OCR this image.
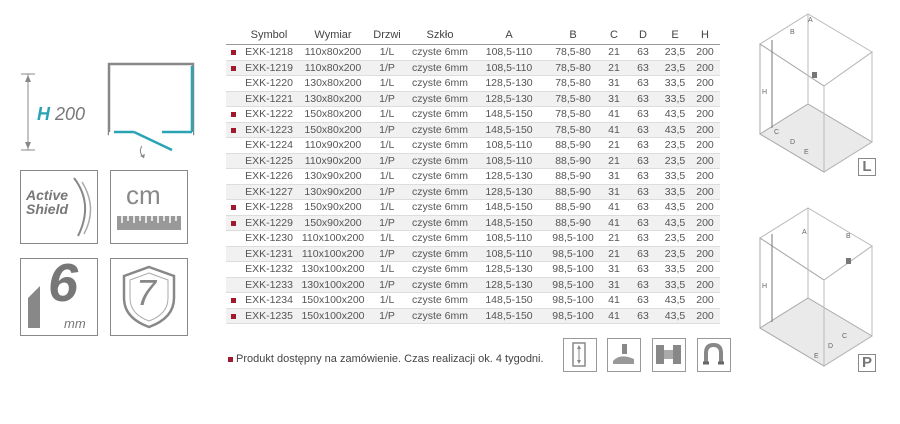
H 200
Active
Shield cm
6
mm
7
	Symbol	Wymiar	Drzwi	Szkło	A	B	C	D	E	H
	EXK-1218	110x80x200	1/L	czyste 6mm	108,5-110	78,5-80	21	63	23,5	200
	EXK-1219	110x80x200	1/P	czyste 6mm	108,5-110	78,5-80	21	63	23,5	200
	EXK-1220	130x80x200	1/L	czyste 6mm	128,5-130	78,5-80	31	63	33,5	200
	EXK-1221	130x80x200	1/P	czyste 6mm	128,5-130	78,5-80	31	63	33,5	200
	EXK-1222	150x80x200	1/L	czyste 6mm	148,5-150	78,5-80	41	63	43,5	200
	EXK-1223	150x80x200	1/P	czyste 6mm	148,5-150	78,5-80	41	63	43,5	200
	EXK-1224	110x90x200	1/L	czyste 6mm	108,5-110	88,5-90	21	63	23,5	200
	EXK-1225	110x90x200	1/P	czyste 6mm	108,5-110	88,5-90	21	63	23,5	200
	EXK-1226	130x90x200	1/L	czyste 6mm	128,5-130	88,5-90	31	63	33,5	200
	EXK-1227	130x90x200	1/P	czyste 6mm	128,5-130	88,5-90	31	63	33,5	200
	EXK-1228	150x90x200	1/L	czyste 6mm	148,5-150	88,5-90	41	63	43,5	200
	EXK-1229	150x90x200	1/P	czyste 6mm	148,5-150	88,5-90	41	63	43,5	200
	EXK-1230	110x100x200	1/L	czyste 6mm	108,5-110	98,5-100	21	63	23,5	200
	EXK-1231	110x100x200	1/P	czyste 6mm	108,5-110	98,5-100	21	63	23,5	200
	EXK-1232	130x100x200	1/L	czyste 6mm	128,5-130	98,5-100	31	63	33,5	200
	EXK-1233	130x100x200	1/P	czyste 6mm	128,5-130	98,5-100	31	63	33,5	200
	EXK-1234	150x100x200	1/L	czyste 6mm	148,5-150	98,5-100	41	63	43,5	200
	EXK-1235	150x100x200	1/P	czyste 6mm	148,5-150	98,5-100	41	63	43,5	200
Produkt dostępny na zamówienie. Czas realizacji ok. 4 tygodni.
H
A
B
C
D
E
L
H
A
B
C
D
E	P
